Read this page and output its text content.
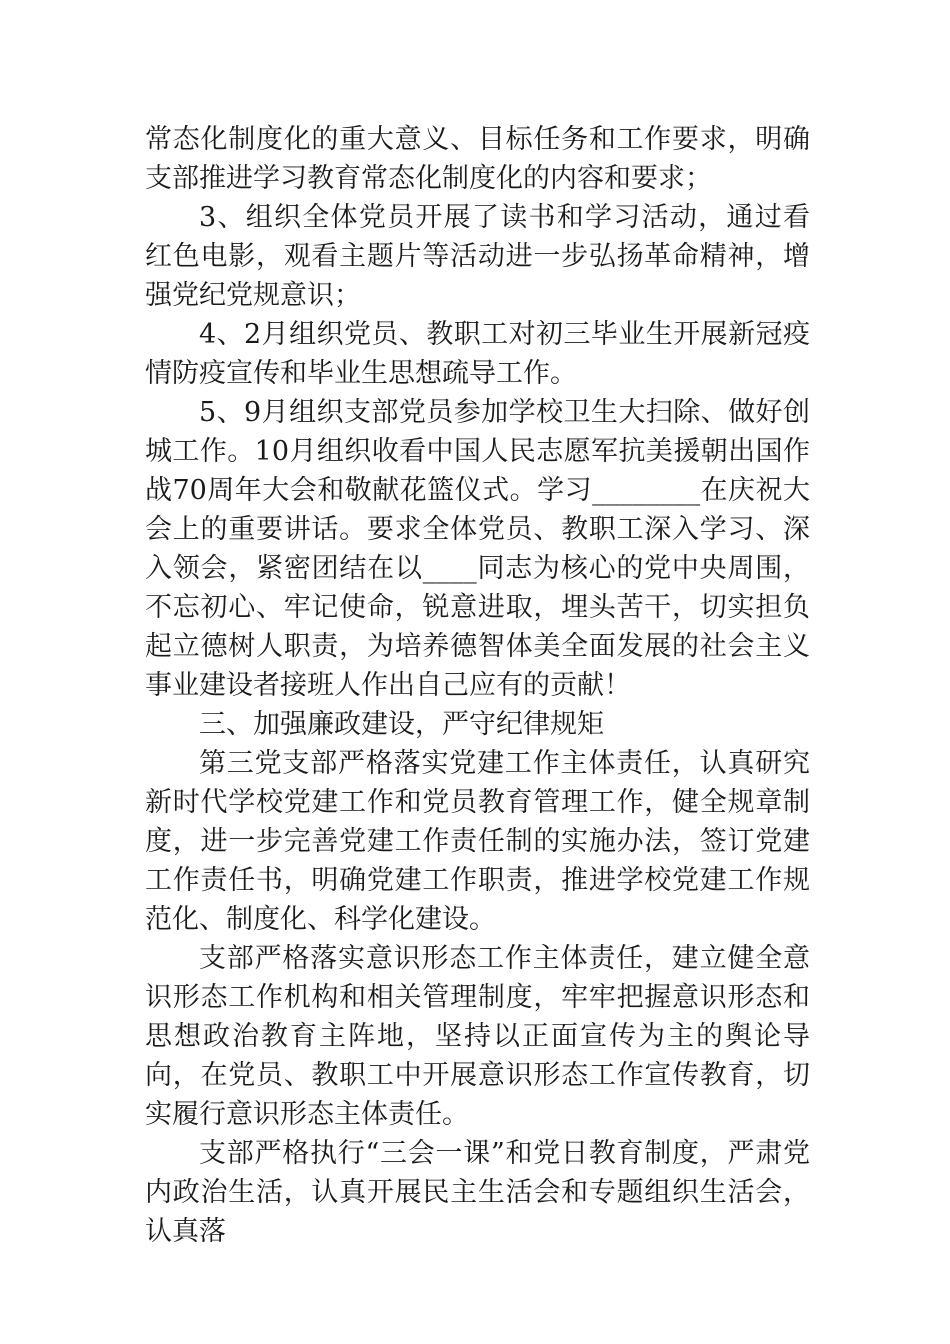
常态化制度化的重大意义、目标任务和工作要求，明确支部推进学习教育常态化制度化的内容和要求；

3、组织全体党员开展了读书和学习活动，通过看红色电影，观看主题片等活动进一步弘扬革命精神，增强党纪党规意识；

4、2月组织党员、教职工对初三毕业生开展新冠疫情防疫宣传和毕业生思想疏导工作。

5、9月组织支部党员参加学校卫生大扫除、做好创城工作。10月组织收看中国人民志愿军抗美援朝出国作战70周年大会和敬献花篮仪式。学习________在庆祝大会上的重要讲话。要求全体党员、教职工深入学习、深入领会，紧密团结在以____同志为核心的党中央周围，不忘初心、牢记使命，锐意进取，埋头苦干，切实担负起立德树人职责，为培养德智体美全面发展的社会主义事业建设者接班人作出自己应有的贡献！

三、加强廉政建设，严守纪律规矩

第三党支部严格落实党建工作主体责任，认真研究新时代学校党建工作和党员教育管理工作，健全规章制度，进一步完善党建工作责任制的实施办法，签订党建工作责任书，明确党建工作职责，推进学校党建工作规范化、制度化、科学化建设。

支部严格落实意识形态工作主体责任，建立健全意识形态工作机构和相关管理制度，牢牢把握意识形态和思想政治教育主阵地，坚持以正面宣传为主的舆论导向，在党员、教职工中开展意识形态工作宣传教育，切实履行意识形态主体责任。

支部严格执行“三会一课”和党日教育制度，严肃党内政治生活，认真开展民主生活会和专题组织生活会，认真落
